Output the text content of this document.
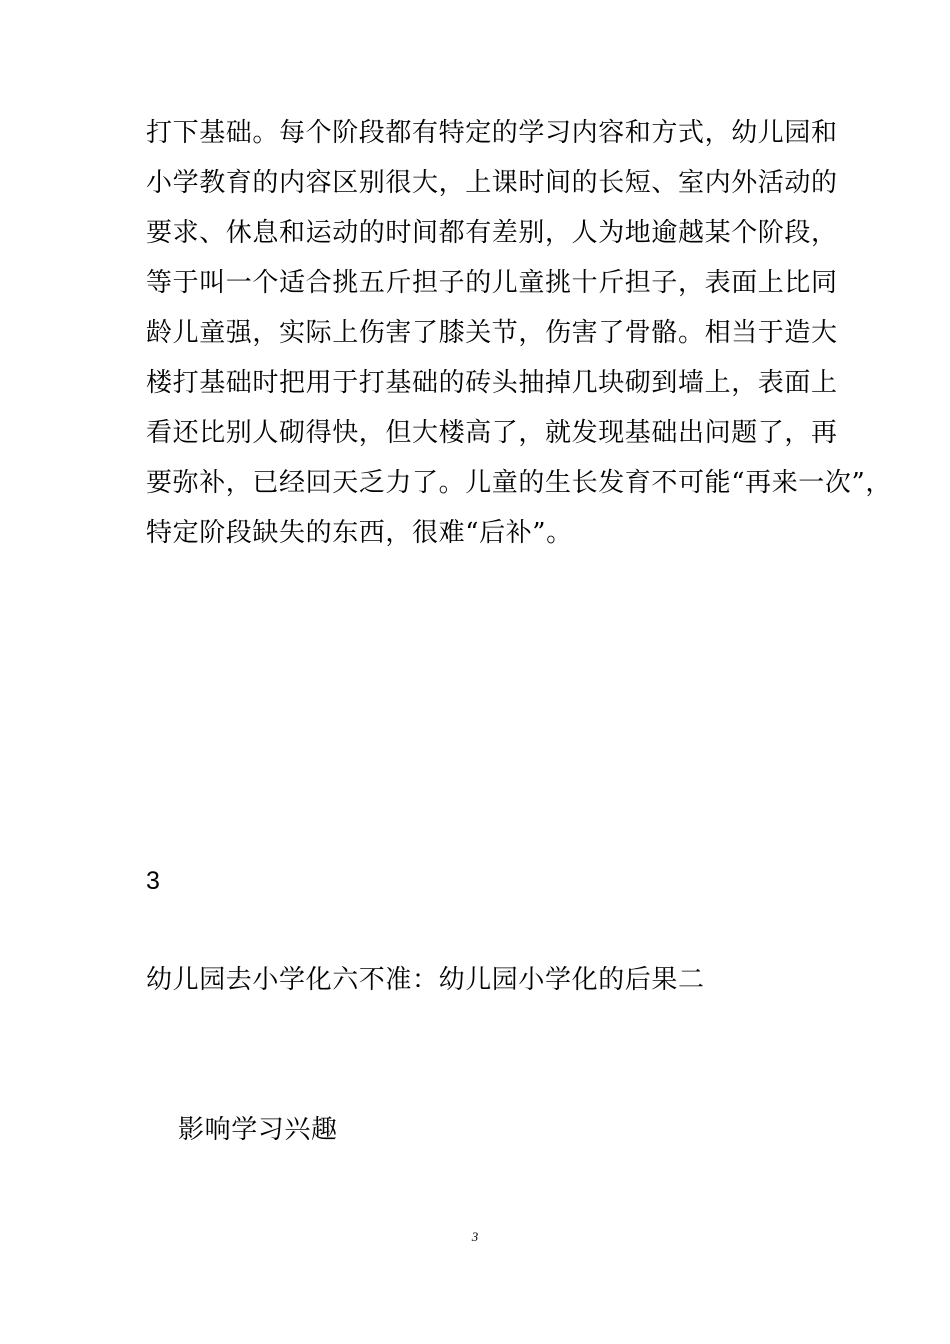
打下基础。每个阶段都有特定的学习内容和方式，幼儿园和
小学教育的内容区别很大，上课时间的长短、室内外活动的
要求、休息和运动的时间都有差别，人为地逾越某个阶段，
等于叫一个适合挑五斤担子的儿童挑十斤担子，表面上比同
龄儿童强，实际上伤害了膝关节，伤害了骨骼。相当于造大
楼打基础时把用于打基础的砖头抽掉几块砌到墙上，表面上
看还比别人砌得快，但大楼高了，就发现基础出问题了，再
要弥补，已经回天乏力了。儿童的生长发育不可能“再来一次”，
特定阶段缺失的东西，很难“后补”。
3
幼儿园去小学化六不准：幼儿园小学化的后果二
影响学习兴趣
3
